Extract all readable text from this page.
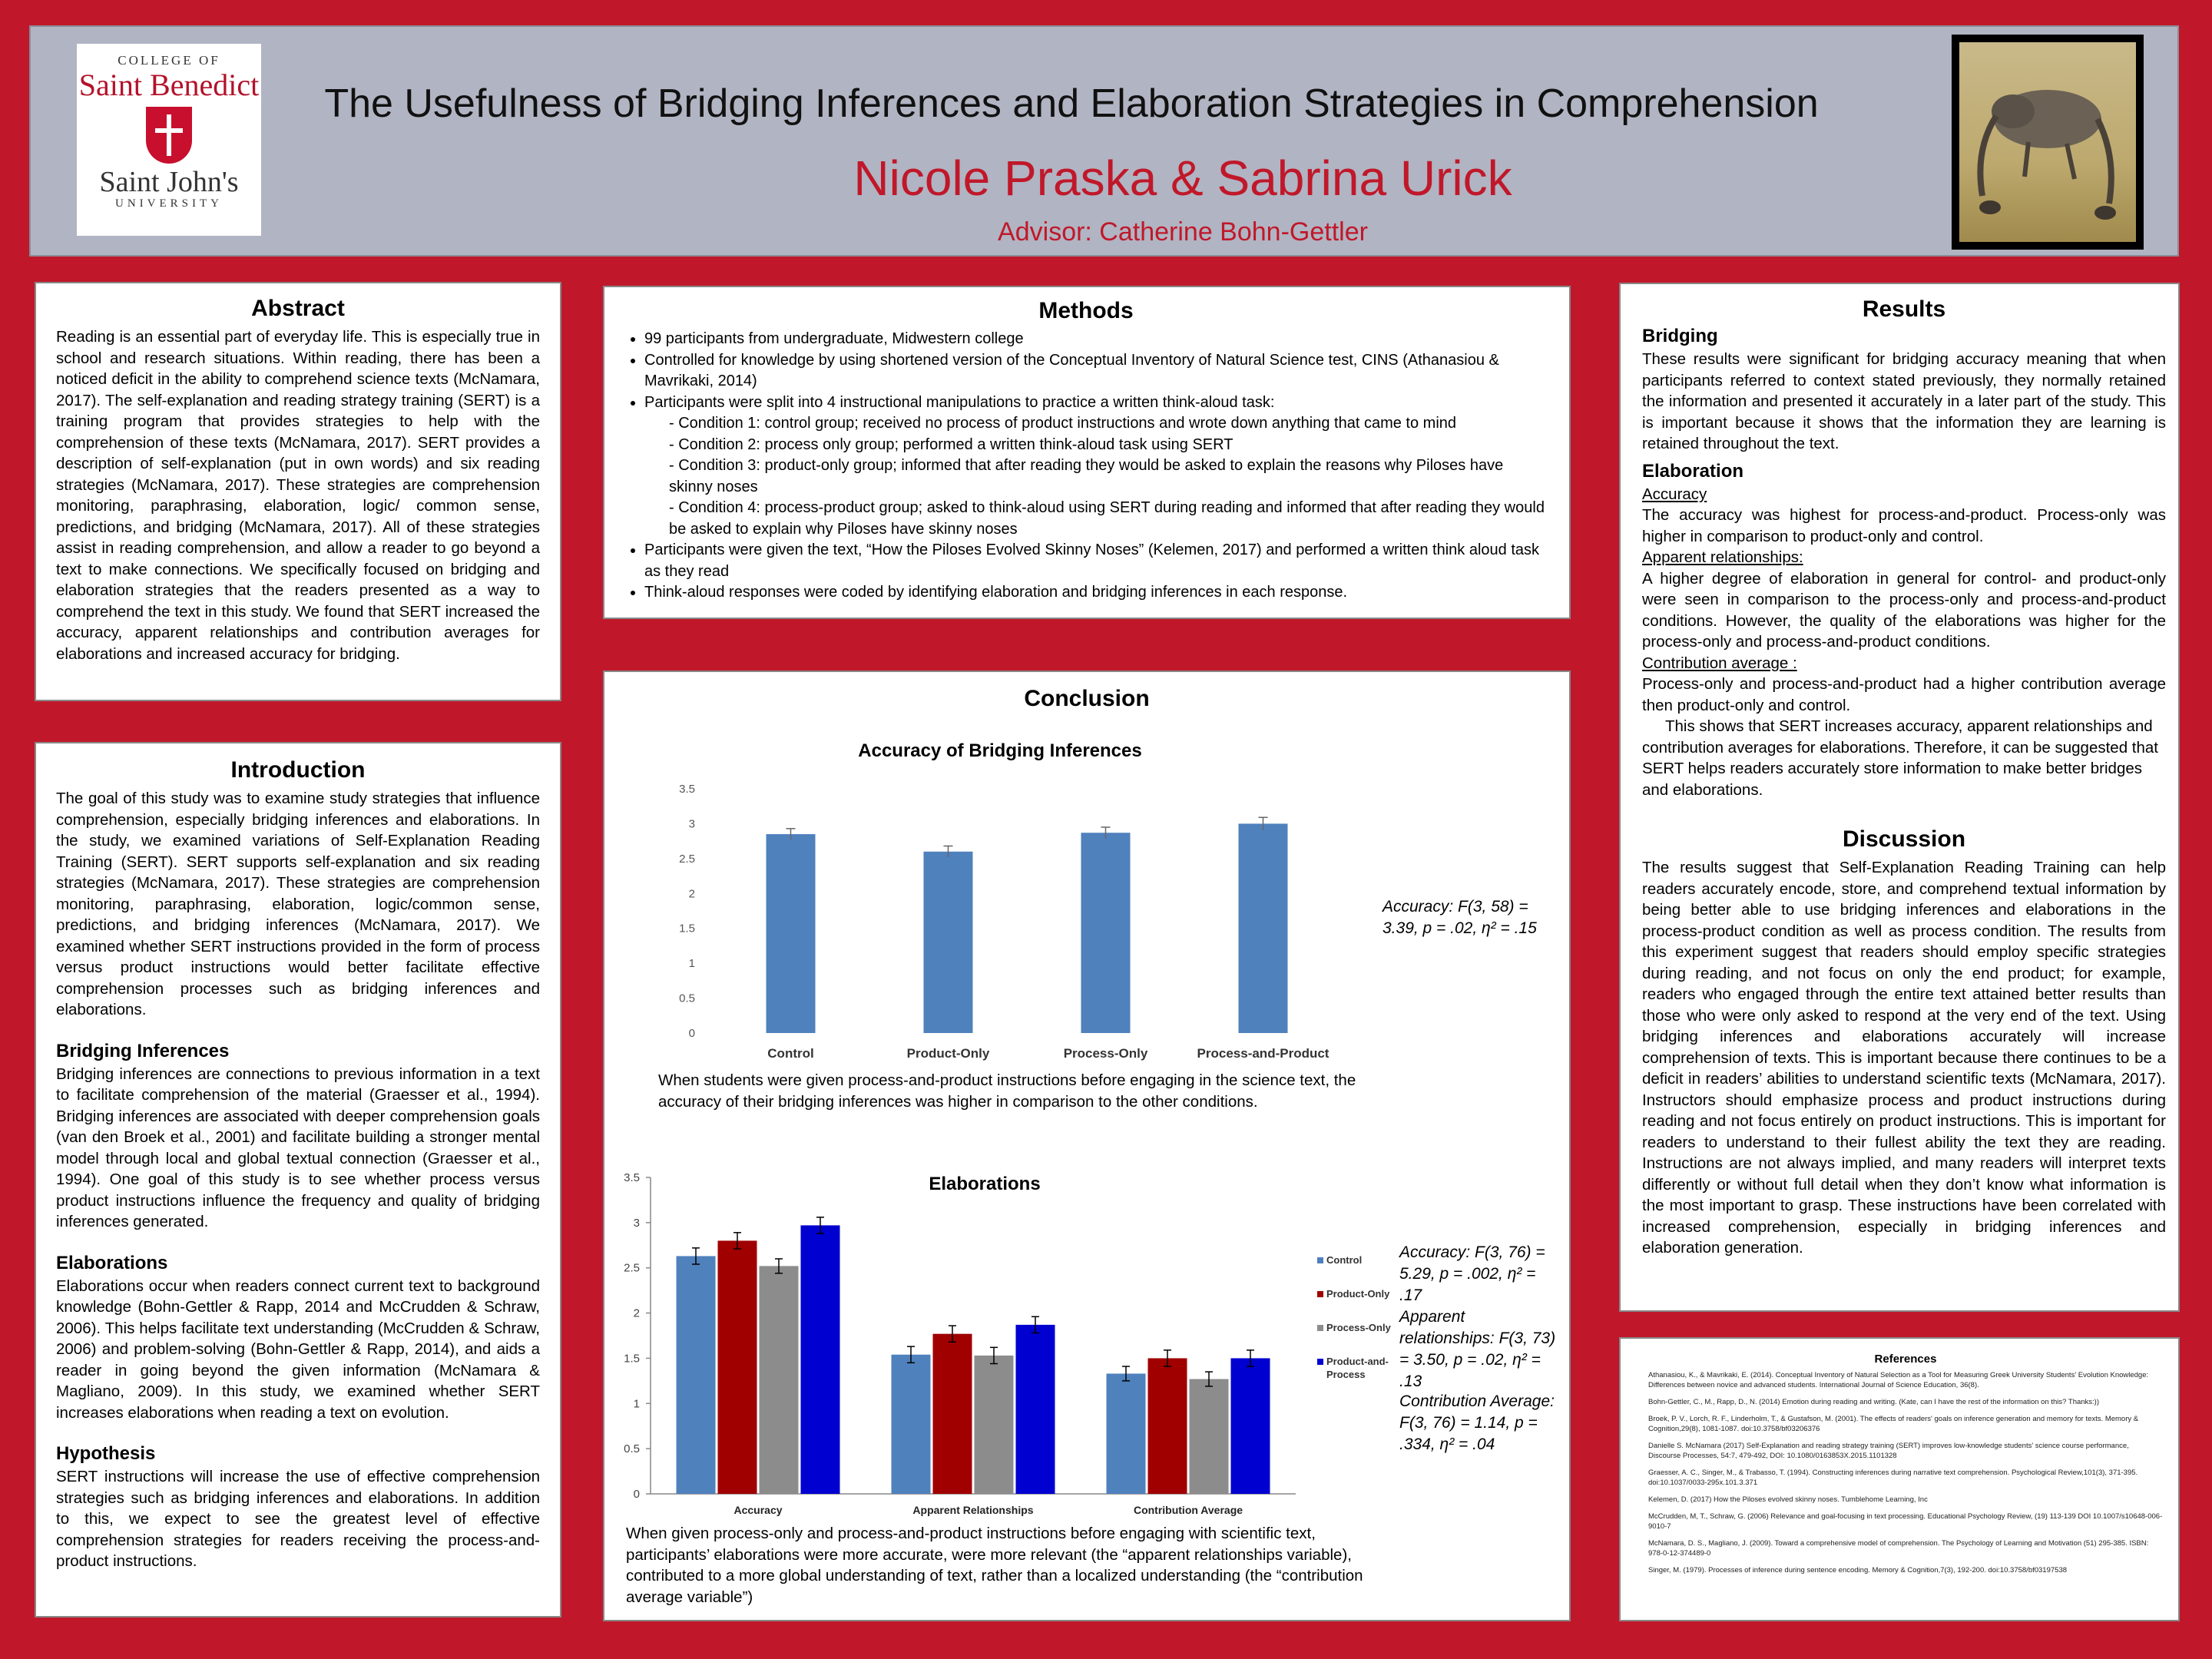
COLLEGE OF
Saint Benedict
Saint John's
UNIVERSITY
The Usefulness of Bridging Inferences and Elaboration Strategies in Comprehension
Nicole Praska & Sabrina Urick
Advisor: Catherine Bohn-Gettler
Abstract
Reading is an essential part of everyday life. This is especially true in school and research situations. Within reading, there has been a noticed deficit in the ability to comprehend science texts (McNamara, 2017). The self-explanation and reading strategy training (SERT) is a training program that provides strategies to help with the comprehension of these texts (McNamara, 2017). SERT provides a description of self-explanation (put in own words) and six reading strategies (McNamara, 2017). These strategies are comprehension monitoring, paraphrasing, elaboration, logic/ common sense, predictions, and bridging (McNamara, 2017). All of these strategies assist in reading comprehension, and allow a reader to go beyond a text to make connections. We specifically focused on bridging and elaboration strategies that the readers presented as a way to comprehend the text in this study. We found that SERT increased the accuracy, apparent relationships and contribution averages for elaborations and increased accuracy for bridging.
Introduction
The goal of this study was to examine study strategies that influence comprehension, especially bridging inferences and elaborations. In the study, we examined variations of Self-Explanation Reading Training (SERT). SERT supports self-explanation and six reading strategies (McNamara, 2017). These strategies are comprehension monitoring, paraphrasing, elaboration, logic/common sense, predictions, and bridging inferences (McNamara, 2017). We examined whether SERT instructions provided in the form of process versus product instructions would better facilitate effective comprehension processes such as bridging inferences and elaborations.
Bridging Inferences
Bridging inferences are connections to previous information in a text to facilitate comprehension of the material (Graesser et al., 1994). Bridging inferences are associated with deeper comprehension goals (van den Broek et al., 2001) and facilitate building a stronger mental model through local and global textual connection (Graesser et al., 1994). One goal of this study is to see whether process versus product instructions influence the frequency and quality of bridging inferences generated.
Elaborations
Elaborations occur when readers connect current text to background knowledge (Bohn-Gettler & Rapp, 2014 and McCrudden & Schraw, 2006). This helps facilitate text understanding (McCrudden & Schraw, 2006) and problem-solving (Bohn-Gettler & Rapp, 2014), and aids a reader in going beyond the given information (McNamara & Magliano, 2009). In this study, we examined whether SERT increases elaborations when reading a text on evolution.
Hypothesis
SERT instructions will increase the use of effective comprehension strategies such as bridging inferences and elaborations. In addition to this, we expect to see the greatest level of effective comprehension strategies for readers receiving the process-and-product instructions.
Methods
• 99 participants from undergraduate, Midwestern college
• Controlled for knowledge by using shortened version of the Conceptual Inventory of Natural Science test, CINS (Athanasiou & Mavrikaki, 2014)
• Participants were split into 4 instructional manipulations to practice a written think-aloud task:
- Condition 1: control group; received no process of product instructions and wrote down anything that came to mind
- Condition 2: process only group; performed a written think-aloud task using SERT
- Condition 3: product-only group; informed that after reading they would be asked to explain the reasons why Piloses have skinny noses
- Condition 4: process-product group; asked to think-aloud using SERT during reading and informed that after reading they would be asked to explain why Piloses have skinny noses
• Participants were given the text, “How the Piloses Evolved Skinny Noses” (Kelemen, 2017) and performed a written think aloud task as they read
• Think-aloud responses were coded by identifying elaboration and bridging inferences in each response.
Conclusion
Accuracy of Bridging Inferences
0
0.5
1
1.5
2
2.5
3
3.5
Control	Product-Only	Process-Only	Process-and-Product
Accuracy: F(3, 58) = 3.39, p = .02, η² = .15
When students were given process-and-product instructions before engaging in the science text, the accuracy of their bridging inferences was higher in comparison to the other conditions.
Elaborations
0
0.5
1
1.5
2
2.5
3
3.5
Accuracy	Apparent Relationships	Contribution Average
Control
Product-Only
Process-Only
Product-and-
Process
Accuracy: F(3, 76) = 5.29, p = .002, η² = .17
Apparent relationships: F(3, 73) = 3.50, p = .02, η² = .13
Contribution Average: F(3, 76) = 1.14, p = .334, η² = .04
When given process-only and process-and-product instructions before engaging with scientific text, participants’ elaborations were more accurate, were more relevant (the “apparent relationships variable), contributed to a more global understanding of text, rather than a localized understanding (the “contribution average variable”)
Results
Bridging
These results were significant for bridging accuracy meaning that when participants referred to context stated previously, they normally retained the information and presented it accurately in a later part of the study. This is important because it shows that the information they are learning is retained throughout the text.
Elaboration
Accuracy
The accuracy was highest for process-and-product. Process-only was higher in comparison to product-only and control.
Apparent relationships:
A higher degree of elaboration in general for control- and product-only were seen in comparison to the process-only and process-and-product conditions. However, the quality of the elaborations was higher for the process-only and process-and-product conditions.
Contribution average :
Process-only and process-and-product had a higher contribution average then product-only and control.
This shows that SERT increases accuracy, apparent relationships and contribution averages for elaborations. Therefore, it can be suggested that SERT helps readers accurately store information to make better bridges and elaborations.
Discussion
The results suggest that Self-Explanation Reading Training can help readers accurately encode, store, and comprehend textual information by being better able to use bridging inferences and elaborations in the process-product condition as well as process condition. The results from this experiment suggest that readers should employ specific strategies during reading, and not focus on only the end product; for example, readers who engaged through the entire text attained better results than those who were only asked to respond at the very end of the text. Using bridging inferences and elaborations accurately will increase comprehension of texts. This is important because there continues to be a deficit in readers’ abilities to understand scientific texts (McNamara, 2017). Instructors should emphasize process and product instructions during reading and not focus entirely on product instructions. This is important for readers to understand to their fullest ability the text they are reading. Instructions are not always implied, and many readers will interpret texts differently or without full detail when they don’t know what information is the most important to grasp. These instructions have been correlated with increased comprehension, especially in bridging inferences and elaboration generation.
References
Athanasiou, K., & Mavrikaki, E. (2014). Conceptual Inventory of Natural Selection as a Tool for Measuring Greek University Students' Evolution Knowledge: Differences between novice and advanced students. International Journal of Science Education, 36(8).
Bohn-Gettler, C., M., Rapp, D., N. (2014) Emotion during reading and writing. (Kate, can I have the rest of the information on this? Thanks:))
Broek, P. V., Lorch, R. F., Linderholm, T., & Gustafson, M. (2001). The effects of readers' goals on inference generation and memory for texts. Memory & Cognition,29(8), 1081-1087. doi:10.3758/bf03206376
Danielle S. McNamara (2017) Self-Explanation and reading strategy training (SERT) improves low-knowledge students' science course performance, Discourse Processes, 54:7, 479-492, DOI: 10.1080/0163853X.2015.1101328
Graesser, A. C., Singer, M., & Trabasso, T. (1994). Constructing inferences during narrative text comprehension. Psychological Review,101(3), 371-395. doi:10.1037/0033-295x.101.3.371
Kelemen, D. (2017) How the Piloses evolved skinny noses. Tumblehome Learning, Inc
McCrudden, M, T., Schraw, G. (2006) Relevance and goal-focusing in text processing. Educational Psychology Review, (19) 113-139 DOI 10.1007/s10648-006-9010-7
McNamara, D. S., Magliano, J. (2009). Toward a comprehensive model of comprehension. The Psychology of Learning and Motivation (51) 295-385. ISBN: 978-0-12-374489-0
Singer, M. (1979). Processes of inference during sentence encoding. Memory & Cognition,7(3), 192-200. doi:10.3758/bf03197538
